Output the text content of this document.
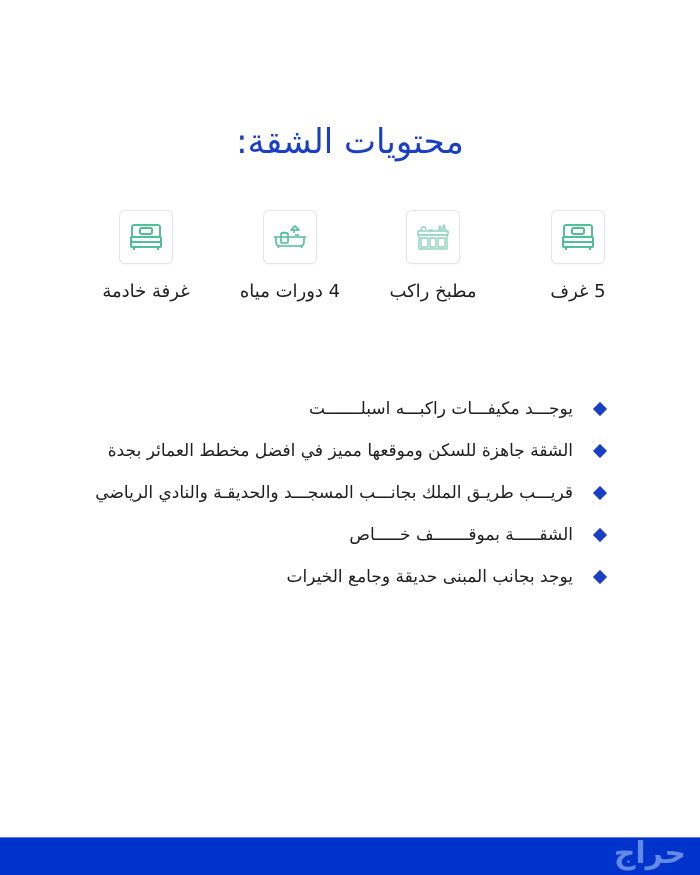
محتويات الشقة:
5 غرف
مطبخ راكب
4 دورات مياه
غرفة خادمة
يوجـــد مكيفـــات راكبـــه اسبلـــــــت
الشقة جاهزة للسكن وموقعها مميز في افضل مخطط العمائر بجدة
قريـــب طريـق الملك بجانـــب المسجـــد والحديقـة والنادي الرياضي
الشقـــــة بموقـــــــف خـــــاص
يوجد بجانب المبنى حديقة وجامع الخيرات
حراج
